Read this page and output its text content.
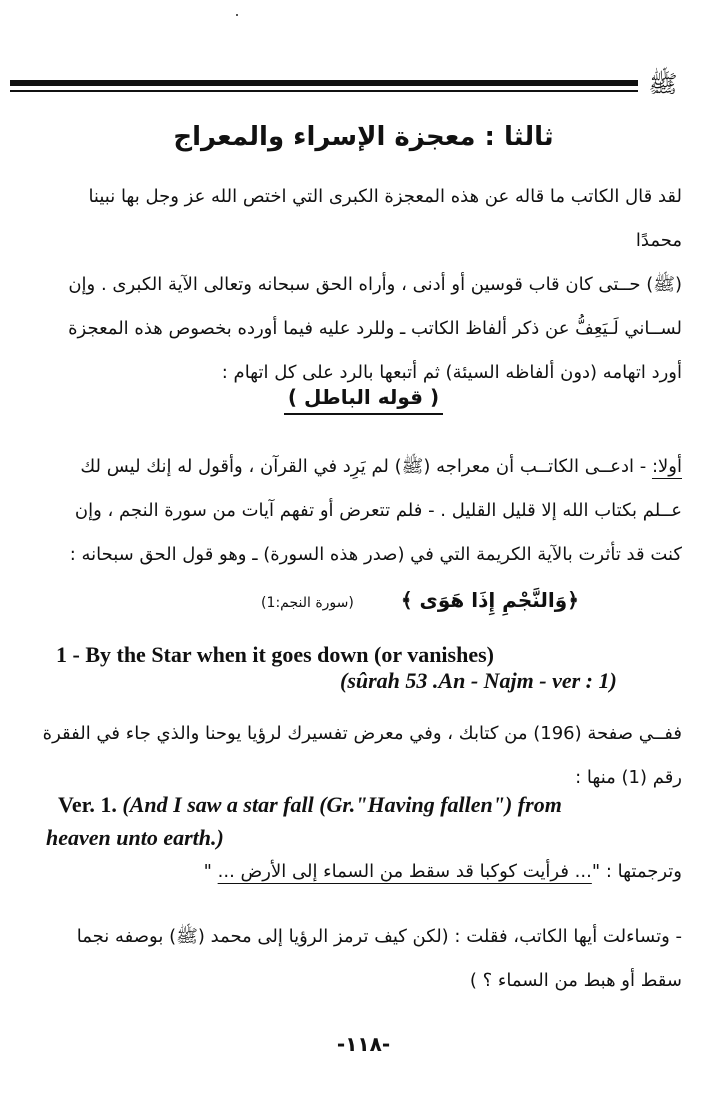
ﷺ
ثالثا : معجزة الإسراء والمعراج
لقد قال الكاتب ما قاله عن هذه المعجزة الكبرى التي اختص الله عز وجل بها نبينا محمدًا
(ﷺ) حــتى كان قاب قوسين أو أدنى ، وأراه الحق سبحانه وتعالى الآية الكبرى . وإن
لســاني لَـيَعِفُّ عن ذكر ألفاظ الكاتب ـ وللرد عليه فيما أورده بخصوص هذه المعجزة
أورد اتهامه (دون ألفاظه السيئة) ثم أتبعها بالرد على كل اتهام :
( قوله الباطل )
أولا: - ادعــى الكاتــب أن معراجه (ﷺ) لم يَرِد في القرآن ، وأقول له إنك ليس لك
عــلم بكتاب الله إلا قليل القليل . - فلم تتعرض أو تفهم آيات من سورة النجم ، وإن
كنت قد تأثرت بالآية الكريمة التي في (صدر هذه السورة) ـ وهو قول الحق سبحانه :
﴿وَالنَّجْمِ إِذَا هَوَى ﴾ (سورة النجم:1)
1 - By the Star when it goes down (or vanishes)
(sûrah 53 .An - Najm - ver : 1)
ففــي صفحة (196) من كتابك ، وفي معرض تفسيرك لرؤيا يوحنا والذي جاء في الفقرة
رقم (1) منها :
Ver. 1. (And I saw a star fall (Gr."Having fallen") from
heaven unto earth.)
وترجمتها : "... فرأيت كوكبا قد سقط من السماء إلى الأرض ... "
- وتساءلت أيها الكاتب، فقلت : (لكن كيف ترمز الرؤيا إلى محمد (ﷺ) بوصفه نجما
سقط أو هبط من السماء ؟ )
-١١٨-
